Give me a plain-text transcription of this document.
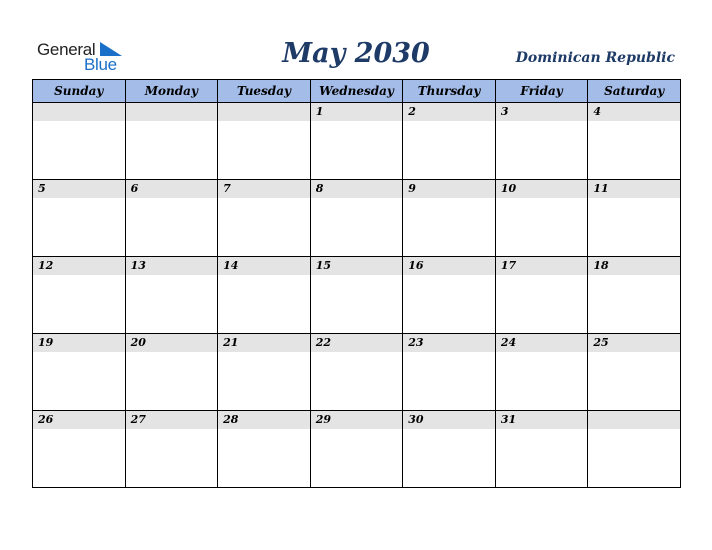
General
Blue	May 2030	Dominican Republic
Sunday	Monday	Tuesday	Wednesday	Thursday	Friday	Saturday

			1	2	3	4

5	6	7	8	9	10	11

12	13	14	15	16	17	18

19	20	21	22	23	24	25

26	27	28	29	30	31	
